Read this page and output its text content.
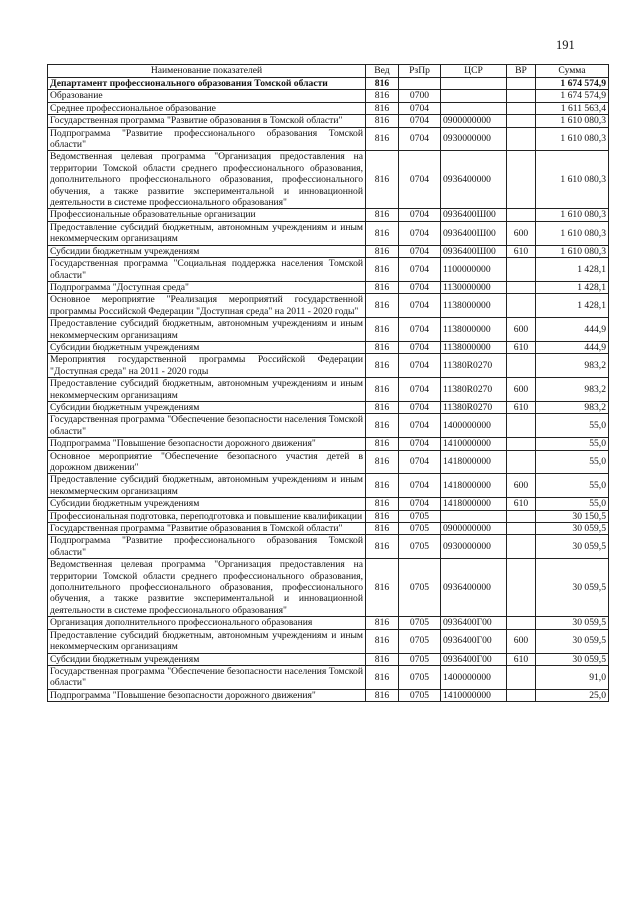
191
Наименование показателей	Вед	РзПр	ЦСР	ВР	Сумма
Департамент профессионального образования Томской области	816				1 674 574,9
Образование	816	0700			1 674 574,9
Среднее профессиональное образование	816	0704			1 611 563,4
Государственная программа "Развитие образования в Томской области"	816	0704	0900000000		1 610 080,3
Подпрограмма "Развитие профессионального образования Томской области"	816	0704	0930000000		1 610 080,3
Ведомственная целевая программа "Организация предоставления на территории Томской области среднего профессионального образования, дополнительного профессионального образования, профессионального обучения, а также развитие экспериментальной и инновационной деятельности в системе профессионального образования"	816	0704	0936400000		1 610 080,3
Профессиональные образовательные организации	816	0704	0936400Ш00		1 610 080,3
Предоставление субсидий бюджетным, автономным учреждениям и иным некоммерческим организациям	816	0704	0936400Ш00	600	1 610 080,3
Субсидии бюджетным учреждениям	816	0704	0936400Ш00	610	1 610 080,3
Государственная программа "Социальная поддержка населения Томской области"	816	0704	1100000000		1 428,1
Подпрограмма "Доступная среда"	816	0704	1130000000		1 428,1
Основное мероприятие "Реализация мероприятий государственной программы Российской Федерации "Доступная среда" на 2011 - 2020 годы"	816	0704	1138000000		1 428,1
Предоставление субсидий бюджетным, автономным учреждениям и иным некоммерческим организациям	816	0704	1138000000	600	444,9
Субсидии бюджетным учреждениям	816	0704	1138000000	610	444,9
Мероприятия государственной программы Российской Федерации "Доступная среда" на 2011 - 2020 годы	816	0704	11380R0270		983,2
Предоставление субсидий бюджетным, автономным учреждениям и иным некоммерческим организациям	816	0704	11380R0270	600	983,2
Субсидии бюджетным учреждениям	816	0704	11380R0270	610	983,2
Государственная программа "Обеспечение безопасности населения Томской области"	816	0704	1400000000		55,0
Подпрограмма "Повышение безопасности дорожного движения"	816	0704	1410000000		55,0
Основное мероприятие "Обеспечение безопасного участия детей в дорожном движении"	816	0704	1418000000		55,0
Предоставление субсидий бюджетным, автономным учреждениям и иным некоммерческим организациям	816	0704	1418000000	600	55,0
Субсидии бюджетным учреждениям	816	0704	1418000000	610	55,0
Профессиональная подготовка, переподготовка и повышение квалификации	816	0705			30 150,5
Государственная программа "Развитие образования в Томской области"	816	0705	0900000000		30 059,5
Подпрограмма "Развитие профессионального образования Томской области"	816	0705	0930000000		30 059,5
Ведомственная целевая программа "Организация предоставления на территории Томской области среднего профессионального образования, дополнительного профессионального образования, профессионального обучения, а также развитие экспериментальной и инновационной деятельности в системе профессионального образования"	816	0705	0936400000		30 059,5
Организация дополнительного профессионального образования	816	0705	0936400Г00		30 059,5
Предоставление субсидий бюджетным, автономным учреждениям и иным некоммерческим организациям	816	0705	0936400Г00	600	30 059,5
Субсидии бюджетным учреждениям	816	0705	0936400Г00	610	30 059,5
Государственная программа "Обеспечение безопасности населения Томской области"	816	0705	1400000000		91,0
Подпрограмма "Повышение безопасности дорожного движения"	816	0705	1410000000		25,0
